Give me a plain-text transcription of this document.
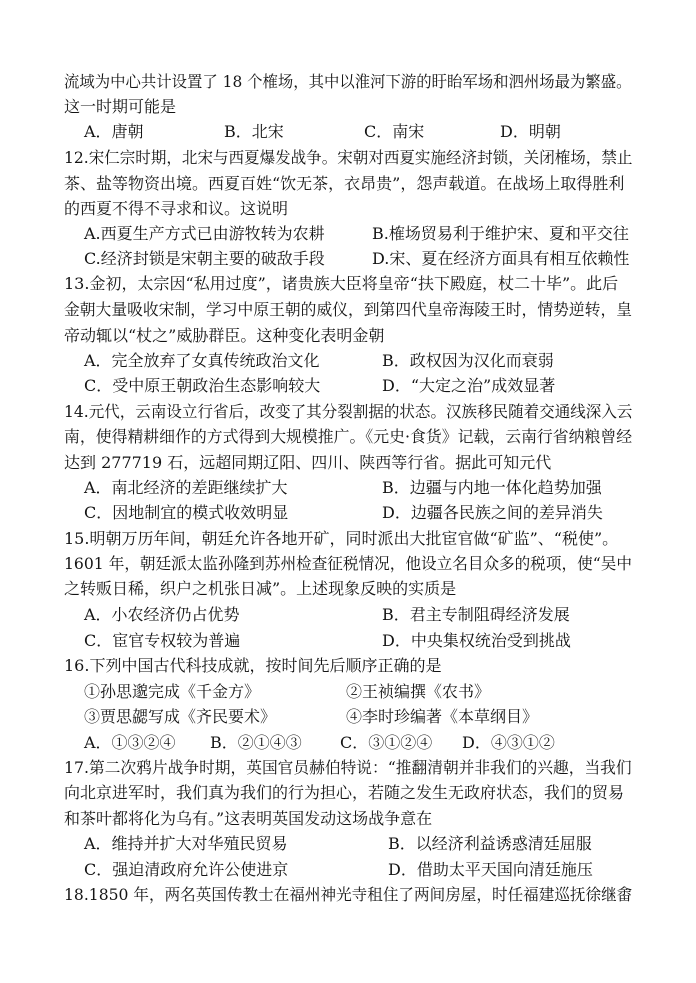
流域为中心共计设置了 18 个榷场，其中以淮河下游的盱眙军场和泗州场最为繁盛。
这一时期可能是
A．唐朝	B．北宋	C．南宋	D．明朝
12.宋仁宗时期，北宋与西夏爆发战争。宋朝对西夏实施经济封锁，关闭榷场，禁止
茶、盐等物资出境。西夏百姓“饮无茶，衣昂贵”，怨声载道。在战场上取得胜利
的西夏不得不寻求和议。这说明
A.西夏生产方式已由游牧转为农耕	B.榷场贸易利于维护宋、夏和平交往
C.经济封锁是宋朝主要的破敌手段	D.宋、夏在经济方面具有相互依赖性
13.金初，太宗因“私用过度”，诸贵族大臣将皇帝“扶下殿庭，杖二十毕”。此后
金朝大量吸收宋制，学习中原王朝的威仪，到第四代皇帝海陵王时，情势逆转，皇
帝动辄以“杖之”威胁群臣。这种变化表明金朝
A．完全放弃了女真传统政治文化	B．政权因为汉化而衰弱
C．受中原王朝政治生态影响较大	D．“大定之治”成效显著
14.元代，云南设立行省后，改变了其分裂割据的状态。汉族移民随着交通线深入云
南，使得精耕细作的方式得到大规模推广。《元史·食货》记载，云南行省纳粮曾经
达到 277719 石，远超同期辽阳、四川、陕西等行省。据此可知元代
A．南北经济的差距继续扩大	B．边疆与内地一体化趋势加强
C．因地制宜的模式收效明显	D．边疆各民族之间的差异消失
15.明朝万历年间，朝廷允许各地开矿，同时派出大批宦官做“矿监”、“税使”。
1601 年，朝廷派太监孙隆到苏州检查征税情况，他设立名目众多的税项，使“吴中
之转贩日稀，织户之机张日减”。上述现象反映的实质是
A．小农经济仍占优势	B．君主专制阻碍经济发展
C．宦官专权较为普遍	D．中央集权统治受到挑战
16.下列中国古代科技成就，按时间先后顺序正确的是
①孙思邈完成《千金方》	②王祯编撰《农书》
③贾思勰写成《齐民要术》	④李时珍编著《本草纲目》
A．①③②④ B．②①④③ C．③①②④ D．④③①②
17.第二次鸦片战争时期，英国官员赫伯特说：“推翻清朝并非我们的兴趣，当我们
向北京进军时，我们真为我们的行为担心，若随之发生无政府状态，我们的贸易
和茶叶都将化为乌有。”这表明英国发动这场战争意在
A．维持并扩大对华殖民贸易	B．以经济利益诱惑清廷屈服
C．强迫清政府允许公使进京	D．借助太平天国向清廷施压
18.1850 年，两名英国传教士在福州神光寺租住了两间房屋，时任福建巡抚徐继畬
